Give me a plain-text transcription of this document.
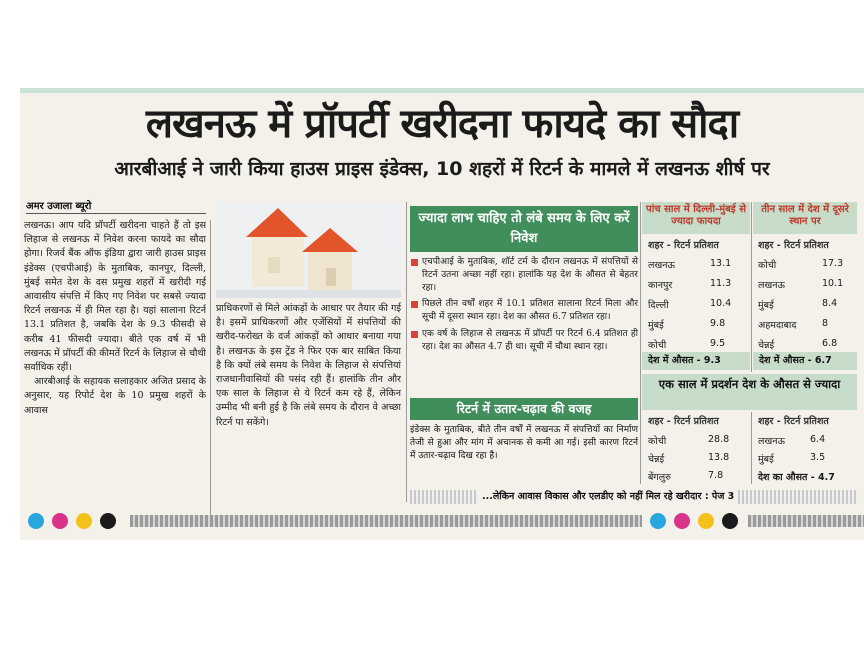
लखनऊ में प्रॉपर्टी खरीदना फायदे का सौदा
आरबीआई ने जारी किया हाउस प्राइस इंडेक्स, 10 शहरों में रिटर्न के मामले में लखनऊ शीर्ष पर
अमर उजाला ब्यूरो

लखनऊ। आप यदि प्रॉपर्टी खरीदना चाहते हैं तो इस लिहाज से लखनऊ में निवेश करना फायदे का सौदा होगा। रिजर्व बैंक ऑफ इंडिया द्वारा जारी हाउस प्राइस इंडेक्स (एचपीआई) के मुताबिक, कानपुर, दिल्ली, मुंबई समेत देश के दस प्रमुख शहरों में खरीदी गई आवासीय संपत्ति में किए गए निवेश पर सबसे ज्यादा रिटर्न लखनऊ में ही मिल रहा है। यहां सालाना रिटर्न 13.1 प्रतिशत है, जबकि देश के 9.3 फीसदी से करीब 41 फीसदी ज्यादा। बीते एक वर्ष में भी लखनऊ में प्रॉपर्टी की कीमतें रिटर्न के लिहाज से चौथी सर्वाधिक रहीं।

आरबीआई के सहायक सलाहकार अजित प्रसाद के अनुसार, यह रिपोर्ट देश के 10 प्रमुख शहरों के आवास

प्राधिकरणों से मिले आंकड़ों के आधार पर तैयार की गई है। इसमें प्राधिकरणों और एजेंसियों में संपत्तियों की खरीद-फरोख्त के दर्ज आंकड़ों को आधार बनाया गया है। लखनऊ के इस ट्रेंड ने फिर एक बार साबित किया है कि क्यों लंबे समय के निवेश के लिहाज से संपत्तियां राजधानीवासियों की पसंद रही हैं। हालांकि तीन और एक साल के लिहाज से ये रिटर्न कम रहे हैं, लेकिन उम्मीद भी बनी हुई है कि लंबे समय के दौरान वे अच्छा रिटर्न पा सकेंगे।
ज्यादा लाभ चाहिए तो लंबे समय के लिए करें निवेश
एचपीआई के मुताबिक, शॉर्ट टर्म के दौरान लखनऊ में संपत्तियों से रिटर्न उतना अच्छा नहीं रहा। हालांकि यह देश के औसत से बेहतर रहा।
पिछले तीन वर्षों शहर में 10.1 प्रतिशत सालाना रिटर्न मिला और सूची में दूसरा स्थान रहा। देश का औसत 6.7 प्रतिशत रहा।
एक वर्ष के लिहाज से लखनऊ में प्रॉपर्टी पर रिटर्न 6.4 प्रतिशत ही रहा। देश का औसत 4.7 ही था। सूची में चौथा स्थान रहा।
रिटर्न में उतार-चढ़ाव की वजह
इंडेक्स के मुताबिक, बीते तीन वर्षों में लखनऊ में संपत्तियों का निर्माण तेजी से हुआ और मांग में अचानक से कमी आ गई। इसी कारण रिटर्न में उतार-चढ़ाव दिख रहा है।
पांच साल में दिल्ली-मुंबई से ज्यादा फायदा
शहर - रिटर्न प्रतिशत
लखनऊ	13.1
कानपुर	11.3
दिल्ली	10.4
मुंबई	9.8
कोची	9.5
देश में औसत - 9.3
तीन साल में देश में दूसरे स्थान पर
शहर - रिटर्न प्रतिशत
कोची	17.3
लखनऊ	10.1
मुंबई	8.4
अहमदाबाद	8
चेन्नई	6.8
देश में औसत - 6.7
एक साल में प्रदर्शन देश के औसत से ज्यादा
शहर - रिटर्न प्रतिशत
कोची	28.8
चेन्नई	13.8
बेंगलुरु	7.8
शहर - रिटर्न प्रतिशत
लखनऊ	6.4
मुंबई	3.5
देश का औसत - 4.7
...लेकिन आवास विकास और एलडीए को नहीं मिल रहे खरीदार : पेज 3
